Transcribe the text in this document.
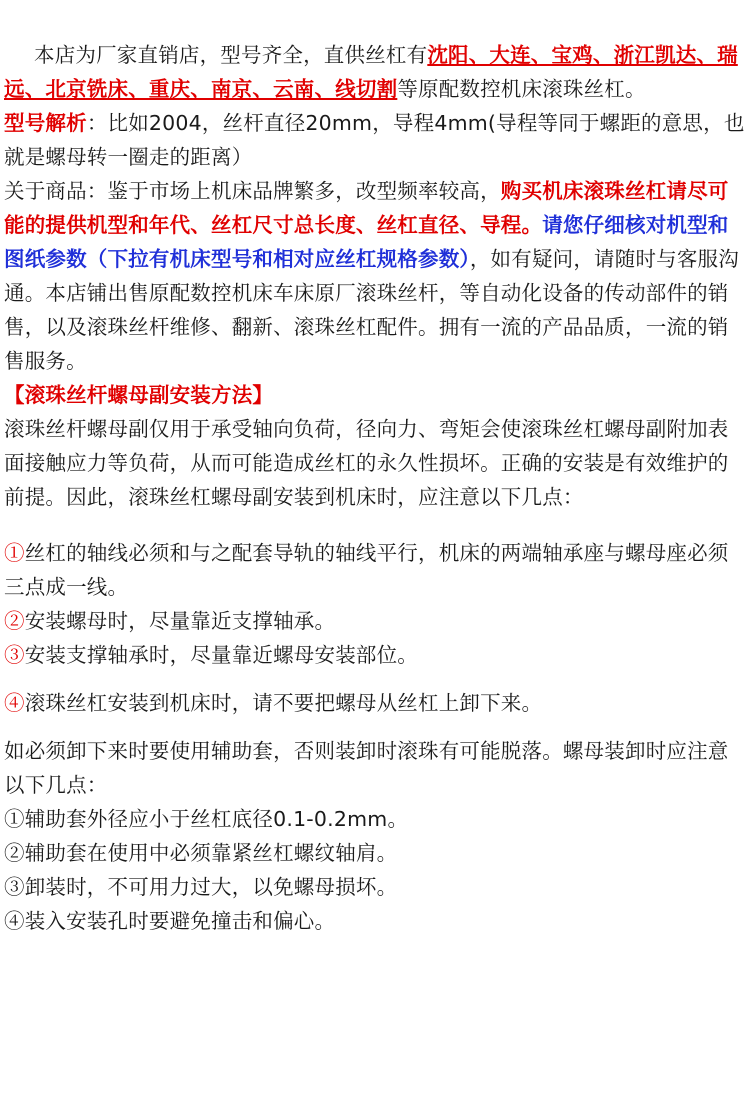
本店为厂家直销店，型号齐全，直供丝杠有沈阳、大连、宝鸡、浙江凯达、瑞远、北京铣床、重庆、南京、云南、线切割等原配数控机床滚珠丝杠。

型号解析：比如2004，丝杆直径20mm，导程4mm(导程等同于螺距的意思，也就是螺母转一圈走的距离）

关于商品：鉴于市场上机床品牌繁多，改型频率较高，购买机床滚珠丝杠请尽可能的提供机型和年代、丝杠尺寸总长度、丝杠直径、导程。请您仔细核对机型和图纸参数（下拉有机床型号和相对应丝杠规格参数），如有疑问，请随时与客服沟通。本店铺出售原配数控机床车床原厂滚珠丝杆，等自动化设备的传动部件的销售，以及滚珠丝杆维修、翻新、滚珠丝杠配件。拥有一流的产品品质，一流的销售服务。

【滚珠丝杆螺母副安装方法】

滚珠丝杆螺母副仅用于承受轴向负荷，径向力、弯矩会使滚珠丝杠螺母副附加表面接触应力等负荷，从而可能造成丝杠的永久性损坏。正确的安装是有效维护的前提。因此，滚珠丝杠螺母副安装到机床时，应注意以下几点：

①丝杠的轴线必须和与之配套导轨的轴线平行，机床的两端轴承座与螺母座必须三点成一线。

②安装螺母时，尽量靠近支撑轴承。

③安装支撑轴承时，尽量靠近螺母安装部位。

④滚珠丝杠安装到机床时，请不要把螺母从丝杠上卸下来。

如必须卸下来时要使用辅助套，否则装卸时滚珠有可能脱落。螺母装卸时应注意以下几点：

①辅助套外径应小于丝杠底径0.1-0.2mm。

②辅助套在使用中必须靠紧丝杠螺纹轴肩。

③卸装时，不可用力过大，以免螺母损坏。

④装入安装孔时要避免撞击和偏心。
